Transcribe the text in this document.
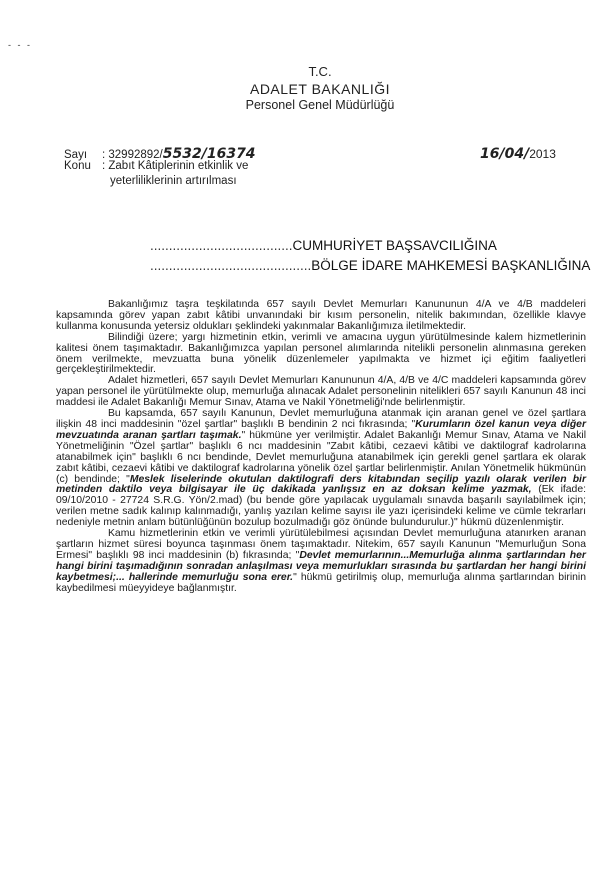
- - -
T.C.
ADALET BAKANLIĞI
Personel Genel Müdürlüğü
Sayı : 32992892/5532/16374
Konu : Zabıt Kâtiplerinin etkinlik ve
yeterliliklerinin artırılması
16/04/2013
......................................CUMHURİYET BAŞSAVCILIĞINA
...........................................BÖLGE İDARE MAHKEMESİ BAŞKANLIĞINA

Bakanlığımız taşra teşkilatında 657 sayılı Devlet Memurları Kanununun 4/A ve 4/B maddeleri kapsamında görev yapan zabıt kâtibi unvanındaki bir kısım personelin, nitelik bakımından, özellikle klavye kullanma konusunda yetersiz oldukları şeklindeki yakınmalar Bakanlığımıza iletilmektedir.

Bilindiği üzere; yargı hizmetinin etkin, verimli ve amacına uygun yürütülmesinde kalem hizmetlerinin kalitesi önem taşımaktadır. Bakanlığımızca yapılan personel alımlarında nitelikli personelin alınmasına gereken önem verilmekte, mevzuatta buna yönelik düzenlemeler yapılmakta ve hizmet içi eğitim faaliyetleri gerçekleştirilmektedir.

Adalet hizmetleri, 657 sayılı Devlet Memurları Kanununun 4/A, 4/B ve 4/C maddeleri kapsamında görev yapan personel ile yürütülmekte olup, memurluğa alınacak Adalet personelinin nitelikleri 657 sayılı Kanunun 48 inci maddesi ile Adalet Bakanlığı Memur Sınav, Atama ve Nakil Yönetmeliği'nde belirlenmiştir.

Bu kapsamda, 657 sayılı Kanunun, Devlet memurluğuna atanmak için aranan genel ve özel şartlara ilişkin 48 inci maddesinin "özel şartlar" başlıklı B bendinin 2 nci fıkrasında; "Kurumların özel kanun veya diğer mevzuatında aranan şartları taşımak." hükmüne yer verilmiştir. Adalet Bakanlığı Memur Sınav, Atama ve Nakil Yönetmeliğinin "Özel şartlar" başlıklı 6 ncı maddesinin "Zabıt kâtibi, cezaevi kâtibi ve daktilograf kadrolarına atanabilmek için" başlıklı 6 ncı bendinde, Devlet memurluğuna atanabilmek için gerekli genel şartlara ek olarak zabıt kâtibi, cezaevi kâtibi ve daktilograf kadrolarına yönelik özel şartlar belirlenmiştir. Anılan Yönetmelik hükmünün (c) bendinde; "Meslek liselerinde okutulan daktilografi ders kitabından seçilip yazılı olarak verilen bir metinden daktilo veya bilgisayar ile üç dakikada yanlışsız en az doksan kelime yazmak, (Ek ifade: 09/10/2010 - 27724 S.R.G. Yön/2.mad) (bu bende göre yapılacak uygulamalı sınavda başarılı sayılabilmek için; verilen metne sadık kalınıp kalınmadığı, yanlış yazılan kelime sayısı ile yazı içerisindeki kelime ve cümle tekrarları nedeniyle metnin anlam bütünlüğünün bozulup bozulmadığı göz önünde bulundurulur.)" hükmü düzenlenmiştir.

Kamu hizmetlerinin etkin ve verimli yürütülebilmesi açısından Devlet memurluğuna atanırken aranan şartların hizmet süresi boyunca taşınması önem taşımaktadır. Nitekim, 657 sayılı Kanunun "Memurluğun Sona Ermesi" başlıklı 98 inci maddesinin (b) fıkrasında; "Devlet memurlarının...Memurluğa alınma şartlarından her hangi birini taşımadığının sonradan anlaşılması veya memurlukları sırasında bu şartlardan her hangi birini kaybetmesi;... hallerinde memurluğu sona erer." hükmü getirilmiş olup, memurluğa alınma şartlarından birinin kaybedilmesi müeyyideye bağlanmıştır.
